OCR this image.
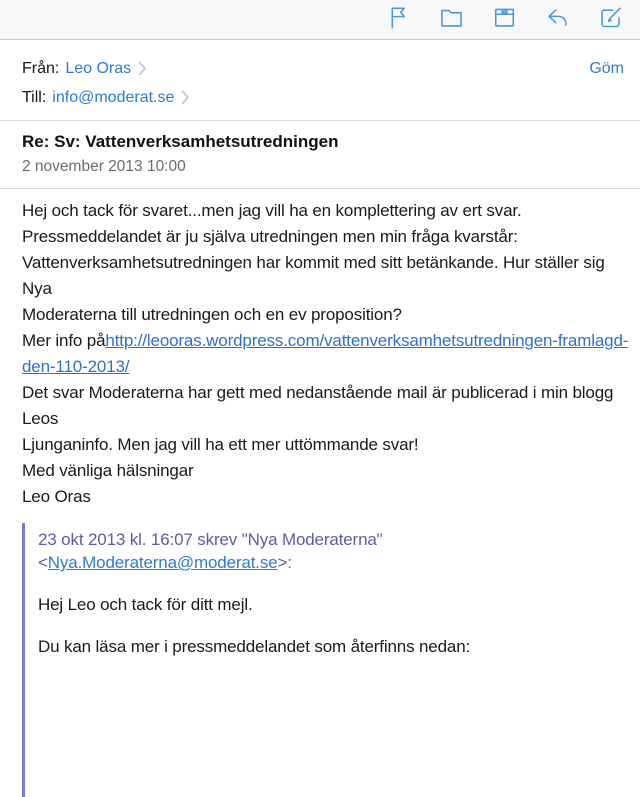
Från: Leo Oras	Göm
Till: info@moderat.se
Re: Sv: Vattenverksamhetsutredningen
2 november 2013 10:00

Hej och tack för svaret...men jag vill ha en komplettering av ert svar.
Pressmeddelandet är ju själva utredningen men min fråga kvarstår:
Vattenverksamhetsutredningen har kommit med sitt betänkande. Hur ställer sig Nya
Moderaterna till utredningen och en ev proposition?

Mer info påhttp://leooras.wordpress.com/vattenverksamhetsutredningen-framlagd-
den-110-2013/

Det svar Moderaterna har gett med nedanstående mail är publicerad i min blogg Leos
Ljunganinfo. Men jag vill ha ett mer uttömmande svar!
Med vänliga hälsningar
Leo Oras

23 okt 2013 kl. 16:07 skrev "Nya Moderaterna" <Nya.Moderaterna@moderat.se>:

Hej Leo och tack för ditt mejl.

Du kan läsa mer i pressmeddelandet som återfinns nedan:
